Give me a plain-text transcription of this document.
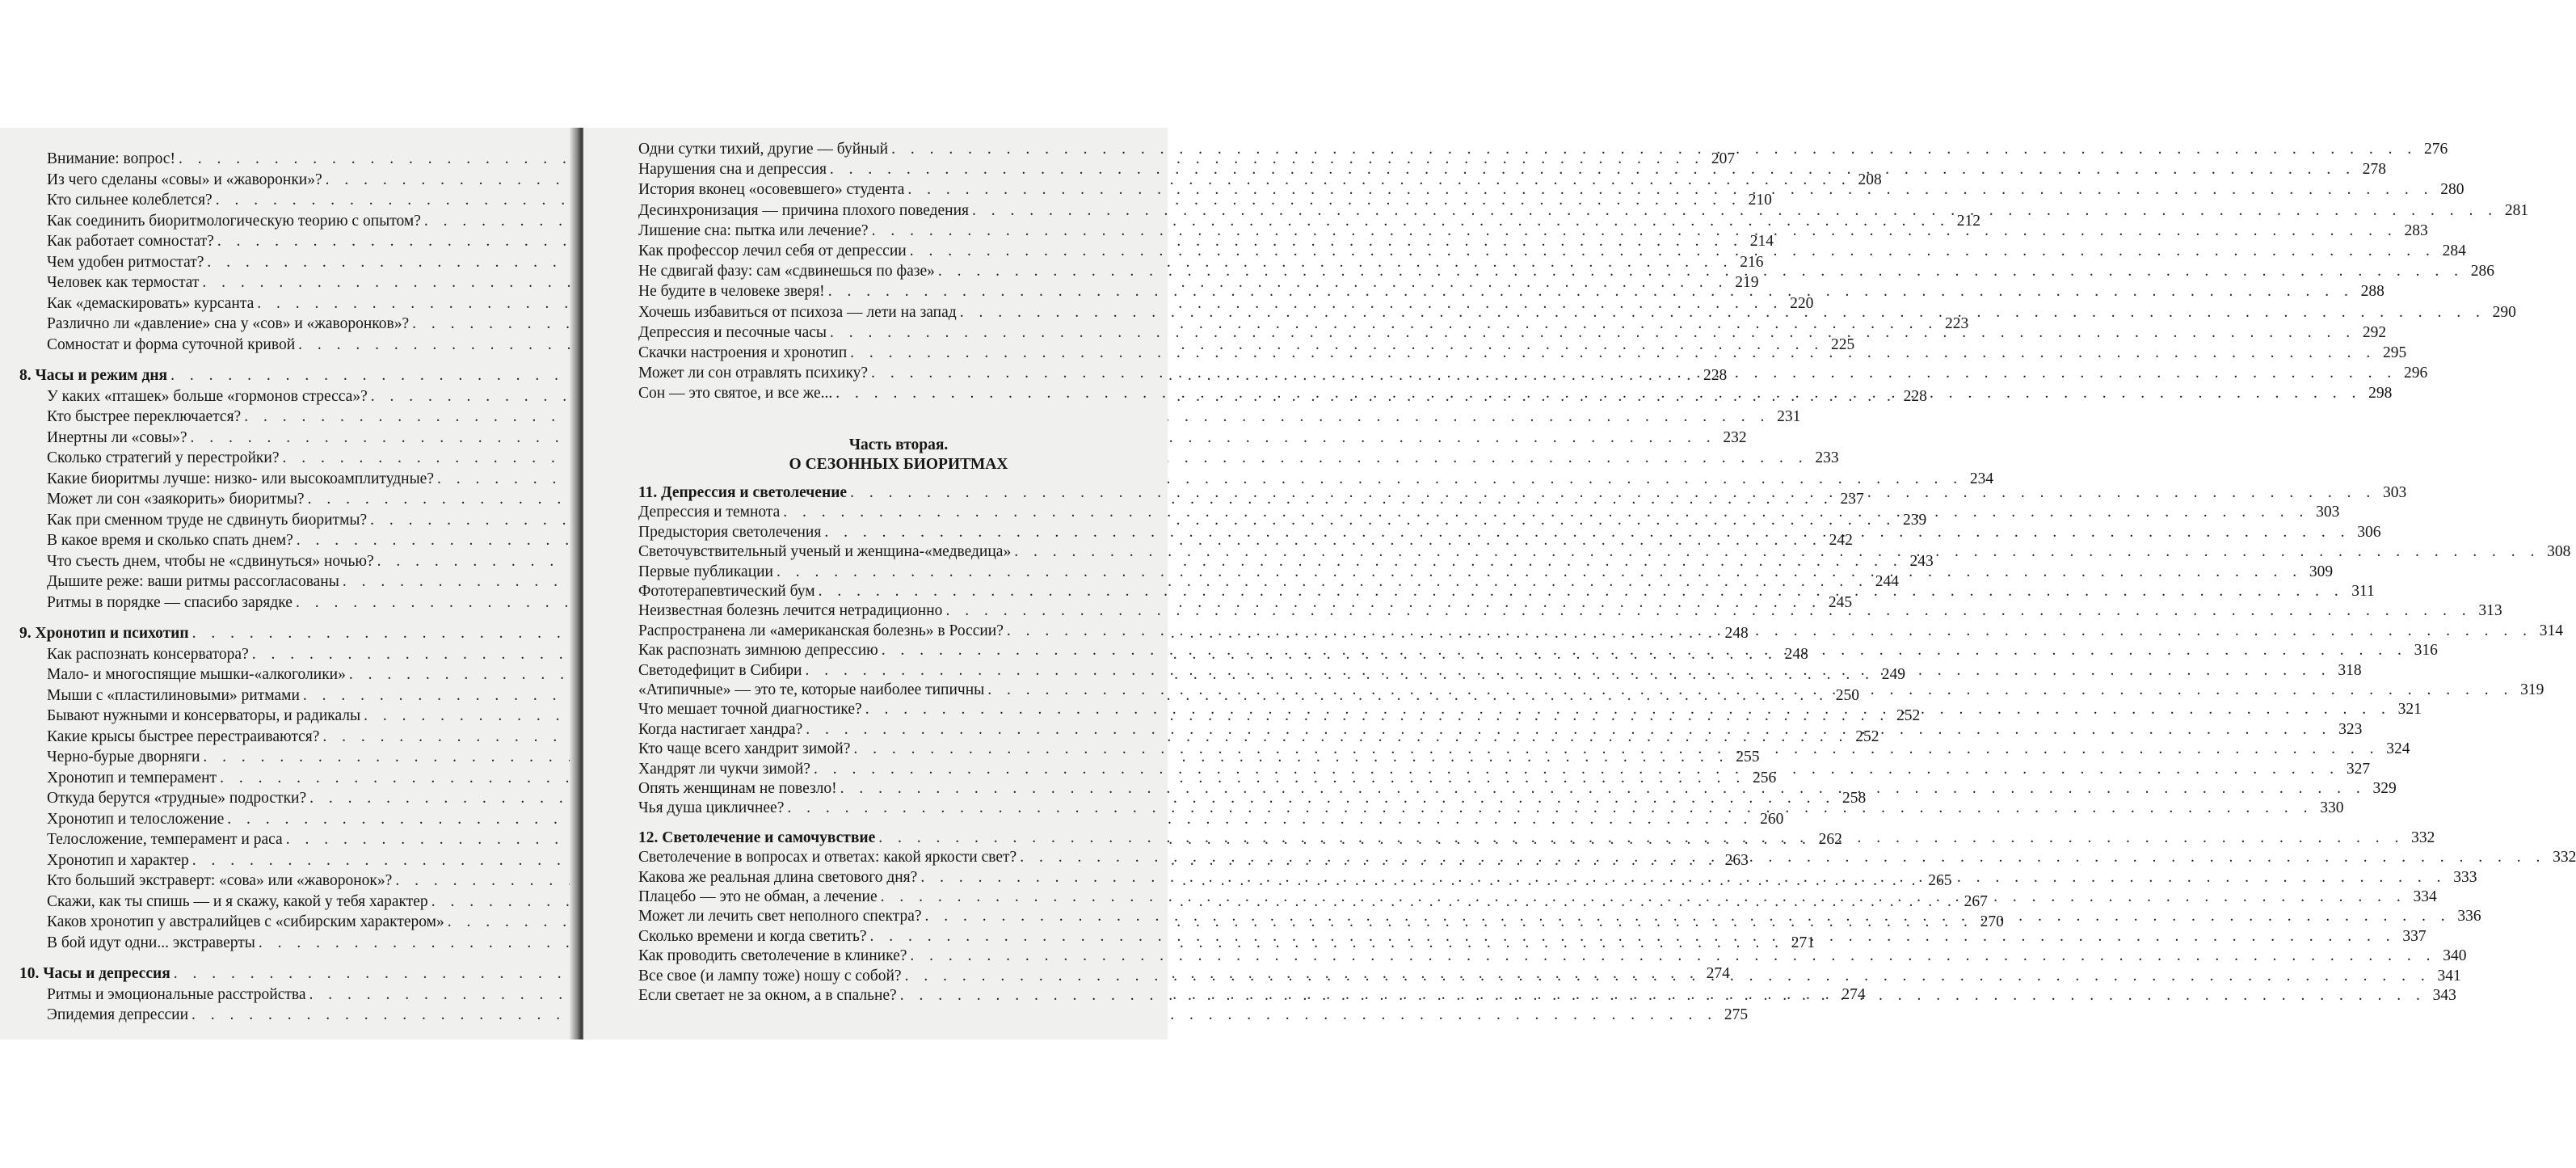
Внимание: вопрос! . . .	207
Из чего сделаны «совы» и «жаворонки»? . . .	208
Кто сильнее колеблется? . . .	210
Как соединить биоритмологическую теорию с опытом? . . .	212
Как работает сомностат? . . .	214
Чем удобен ритмостат? . . .	216
Человек как термостат . . .	219
Как «демаскировать» курсанта . . .	220
Различно ли «давление» сна у «сов» и «жаворонков»? . . .	223
Сомностат и форма суточной кривой . . .	225
8. Часы и режим дня . . .	228
У каких «пташек» больше «гормонов стресса»? . . .	228
Кто быстрее переключается? . . .	231
Инертны ли «совы»? . . .	232
Сколько стратегий у перестройки? . . .	233
Какие биоритмы лучше: низко- или высокоамплитудные? . . .	234
Может ли сон «заякорить» биоритмы? . . .	237
Как при сменном труде не сдвинуть биоритмы? . . .	239
В какое время и сколько спать днем? . . .	242
Что съесть днем, чтобы не «сдвинуться» ночью? . . .	243
Дышите реже: ваши ритмы рассогласованы . . .	244
Ритмы в порядке — спасибо зарядке . . .	245
9. Хронотип и психотип . . .	248
Как распознать консерватора? . . .	248
Мало- и многоспящие мышки-«алкоголики» . . .	249
Мыши с «пластилиновыми» ритмами . . .	250
Бывают нужными и консерваторы, и радикалы . . .	252
Какие крысы быстрее перестраиваются? . . .	252
Черно-бурые дворняги . . .	255
Хронотип и темперамент . . .	256
Откуда берутся «трудные» подростки? . . .	258
Хронотип и телосложение . . .	260
Телосложение, темперамент и раса . . .	262
Хронотип и характер . . .	263
Кто больший экстраверт: «сова» или «жаворонок»? . . .	265
Скажи, как ты спишь — и я скажу, какой у тебя характер . . .	267
Каков хронотип у австралийцев с «сибирским характером» . . .	270
В бой идут одни... экстраверты . . .	271
10. Часы и депрессия . . .	274
Ритмы и эмоциональные расстройства . . .	274
Эпидемия депрессии . . .	275
Часть вторая.
О СЕЗОННЫХ БИОРИТМАХ
Одни сутки тихий, другие — буйный . . .	276
Нарушения сна и депрессия . . .	278
История вконец «осовевшего» студента . . .	280
Десинхронизация — причина плохого поведения . . .	281
Лишение сна: пытка или лечение? . . .	283
Как профессор лечил себя от депрессии . . .	284
Не сдвигай фазу: сам «сдвинешься по фазе» . . .	286
Не будите в человеке зверя! . . .	288
Хочешь избавиться от психоза — лети на запад . . .	290
Депрессия и песочные часы . . .	292
Скачки настроения и хронотип . . .	295
Может ли сон отравлять психику? . . .	296
Сон — это святое, и все же... . . .	298
11. Депрессия и светолечение . . .	303
Депрессия и темнота . . .	303
Предыстория светолечения . . .	306
Светочувствительный ученый и женщина-«медведица» . . .	308
Первые публикации . . .	309
Фототерапевтический бум . . .	311
Неизвестная болезнь лечится нетрадиционно . . .	313
Распространена ли «американская болезнь» в России? . . .	314
Как распознать зимнюю депрессию . . .	316
Светодефицит в Сибири . . .	318
«Атипичные» — это те, которые наиболее типичны . . .	319
Что мешает точной диагностике? . . .	321
Когда настигает хандра? . . .	323
Кто чаще всего хандрит зимой? . . .	324
Хандрят ли чукчи зимой? . . .	327
Опять женщинам не повезло! . . .	329
Чья душа цикличнее? . . .	330
12. Светолечение и самочувствие . . .	332
Светолечение в вопросах и ответах: какой яркости свет? . . .	332
Какова же реальная длина светового дня? . . .	333
Плацебо — это не обман, а лечение . . .	334
Может ли лечить свет неполного спектра? . . .	336
Сколько времени и когда светить? . . .	337
Как проводить светолечение в клинике? . . .	340
Все свое (и лампу тоже) ношу с собой? . . .	341
Если светает не за окном, а в спальне? . . .	343
